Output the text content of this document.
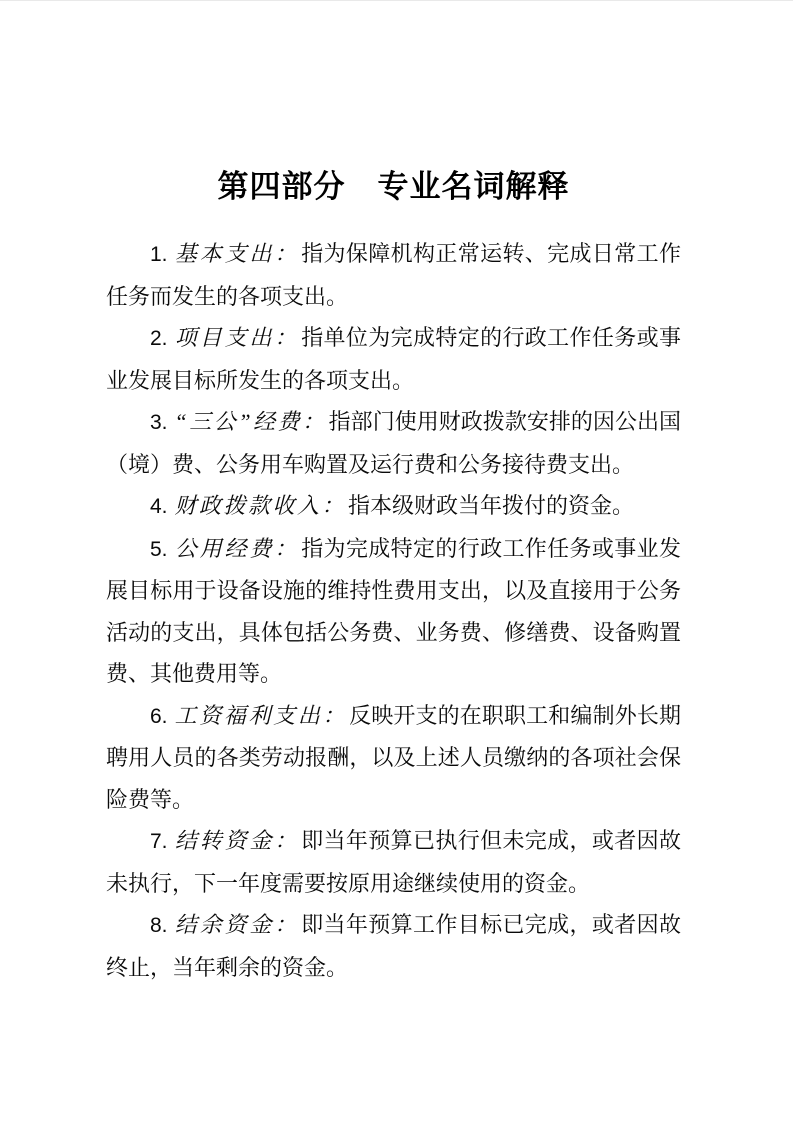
第四部分　专业名词解释

1. 基本支出：指为保障机构正常运转、完成日常工作任务而发生的各项支出。

2. 项目支出：指单位为完成特定的行政工作任务或事业发展目标所发生的各项支出。

3. “三公”经费：指部门使用财政拨款安排的因公出国（境）费、公务用车购置及运行费和公务接待费支出。

4. 财政拨款收入：指本级财政当年拨付的资金。

5. 公用经费：指为完成特定的行政工作任务或事业发展目标用于设备设施的维持性费用支出，以及直接用于公务活动的支出，具体包括公务费、业务费、修缮费、设备购置费、其他费用等。

6. 工资福利支出：反映开支的在职职工和编制外长期聘用人员的各类劳动报酬，以及上述人员缴纳的各项社会保险费等。

7. 结转资金：即当年预算已执行但未完成，或者因故未执行，下一年度需要按原用途继续使用的资金。

8. 结余资金：即当年预算工作目标已完成，或者因故终止，当年剩余的资金。
